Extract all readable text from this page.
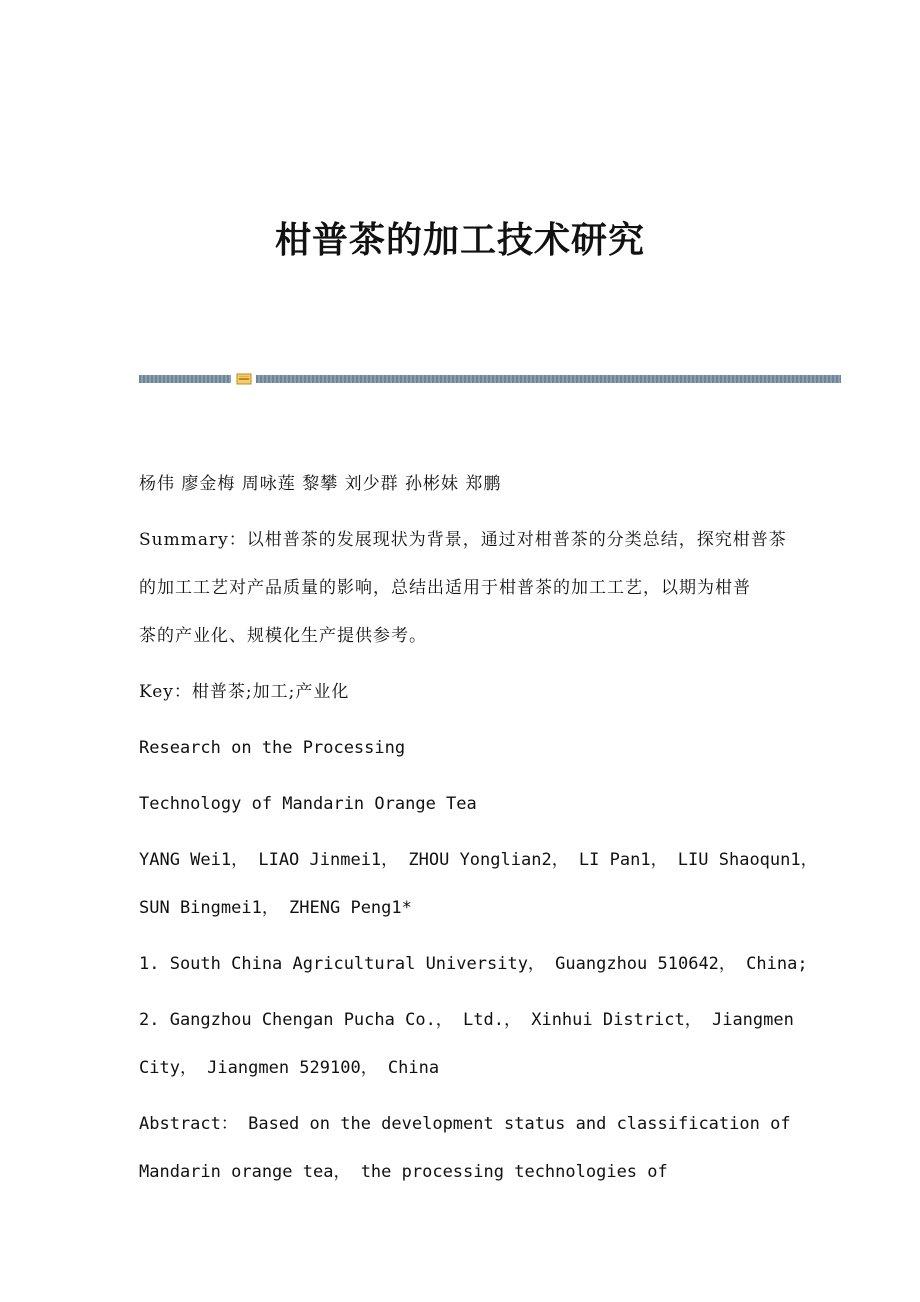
柑普茶的加工技术研究
杨伟 廖金梅 周咏莲 黎攀 刘少群 孙彬妹 郑鹏
Summary：以柑普茶的发展现状为背景，通过对柑普茶的分类总结，探究柑普茶
的加工工艺对产品质量的影响，总结出适用于柑普茶的加工工艺，以期为柑普
茶的产业化、规模化生产提供参考。
Key：柑普茶;加工;产业化
Research on the Processing
Technology of Mandarin Orange Tea
YANG Wei1， LIAO Jinmei1， ZHOU Yonglian2， LI Pan1， LIU Shaoqun1，
SUN Bingmei1， ZHENG Peng1*
1. South China Agricultural University， Guangzhou 510642， China;
2. Gangzhou Chengan Pucha Co.， Ltd.， Xinhui District， Jiangmen
City， Jiangmen 529100， China
Abstract： Based on the development status and classification of
Mandarin orange tea， the processing technologies of
